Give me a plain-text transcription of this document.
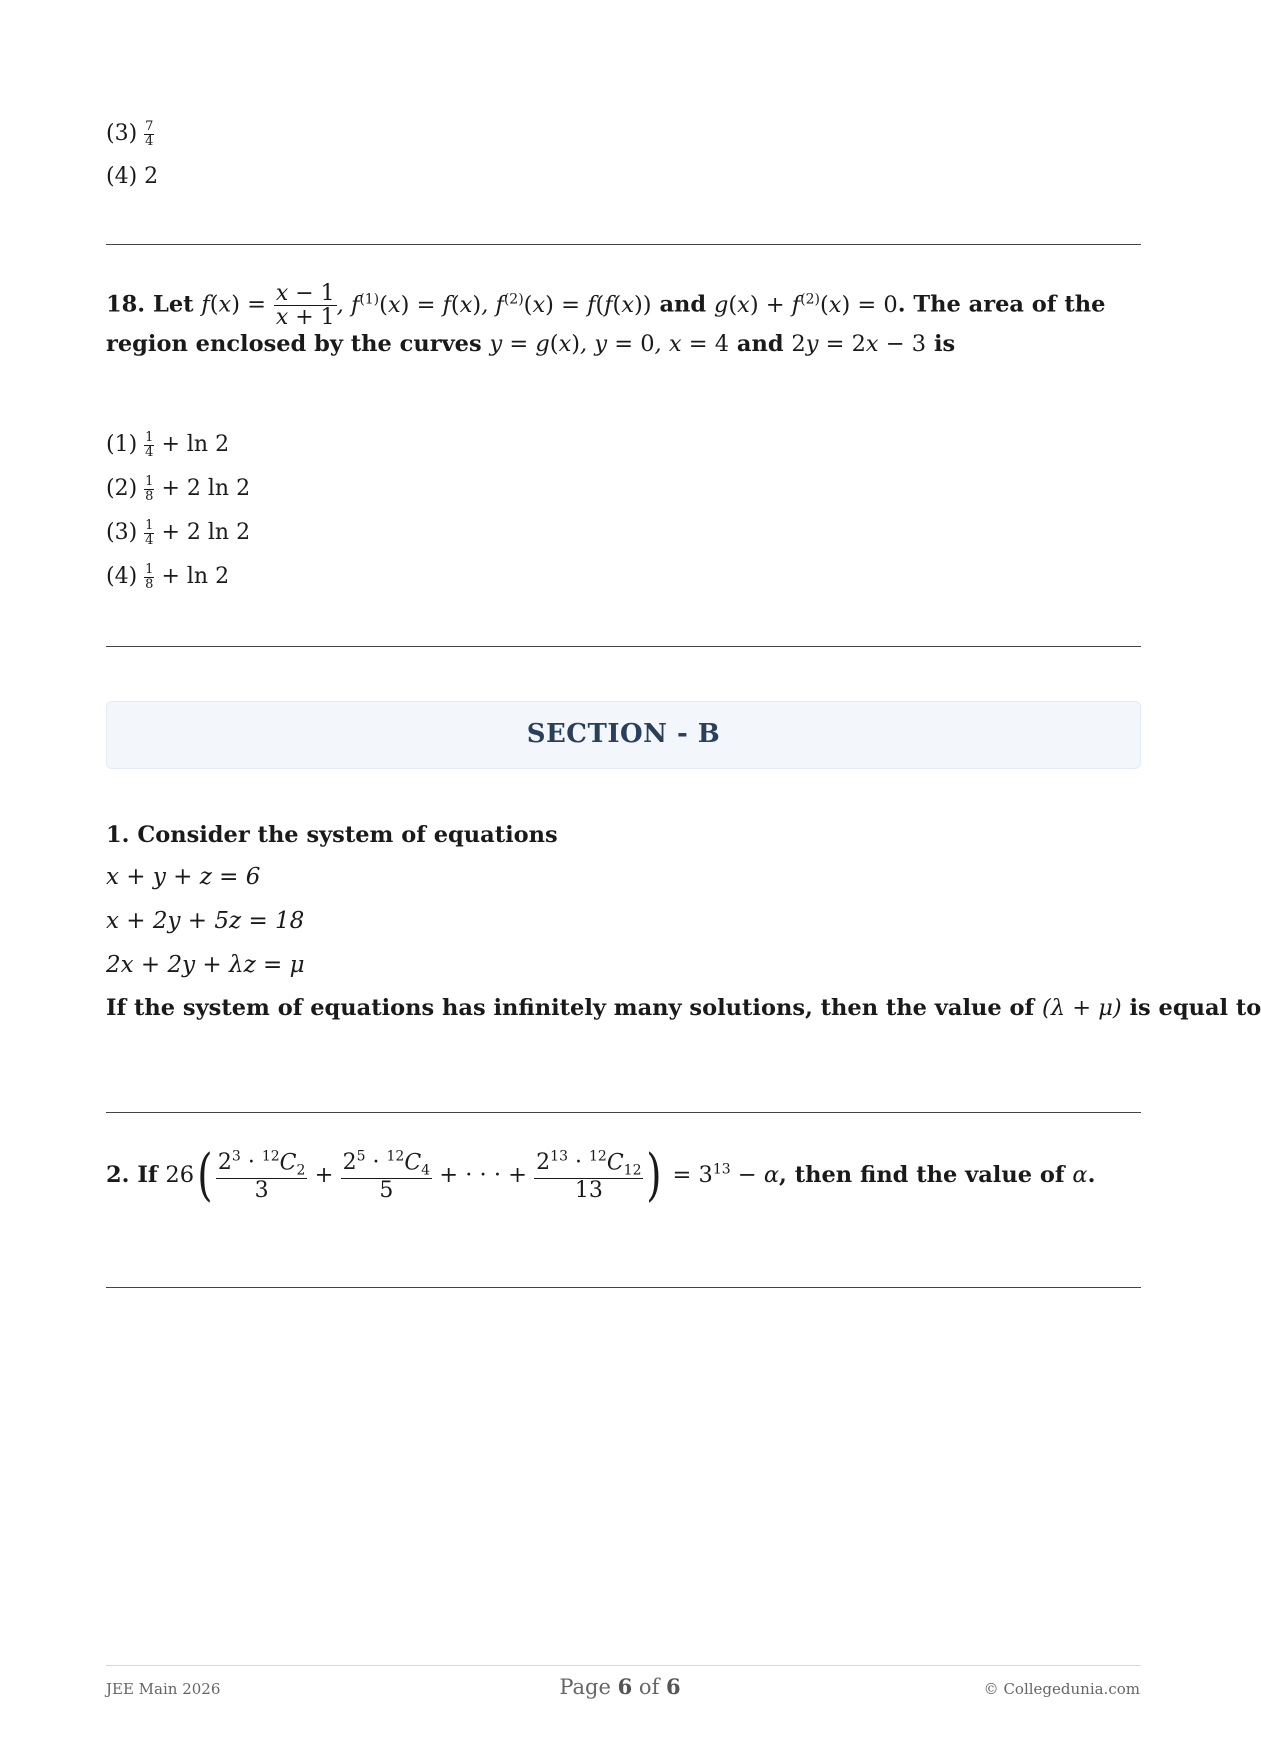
$(3) \frac{7}{4}$
(4) 2
18. Let $f(x) = \frac{x - 1}{x + 1}$ , $f^{(1)}(x) = f(x)$, $f^{(2)}(x) = f(f(x))$ and $g(x) + f^{(2)}(x) = 0$. The area of the
region enclosed by the curves y = g(x), y = 0, x = 4 and 2y = 2x − 3 is
$(1) \frac{1}{4} + \ln 2$
$(2) \frac{1}{8} + 2$ ln 2
$(3) \frac{1}{4} + 2$ ln 2
$(4) \frac{1}{8} + \ln 2$
SECTION - B
1. Consider the system of equations
x + y + z = 6
x + 2y + 5z = 18
2x + 2y + λz = μ
If the system of equations has infinitely many solutions, then the value of (λ + μ) is equal to
2. If $26( \frac{2^3 \cdot ^{12}C_2}{3} + \frac{2^5 \cdot ^{12}C_4}{5}$ + · · · + $\frac{2^{13} \cdot ^{12}C_{12}}{13}$ ) = $3^{13} - \alpha$, then find the value of α.
JEE Main 2026	Page 6 of 6	© Collegedunia.com
